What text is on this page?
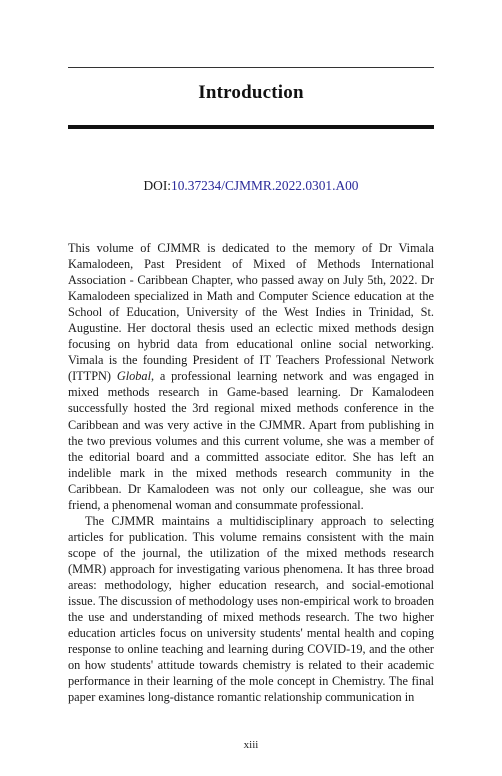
Introduction
DOI:10.37234/CJMMR.2022.0301.A00

This volume of CJMMR is dedicated to the memory of Dr Vimala Kamalodeen, Past President of Mixed of Methods International Association - Caribbean Chapter, who passed away on July 5th, 2022. Dr Kamalodeen specialized in Math and Computer Science education at the School of Education, University of the West Indies in Trinidad, St. Augustine. Her doctoral thesis used an eclectic mixed methods design focusing on hybrid data from educational online social networking. Vimala is the founding President of IT Teachers Professional Network (ITTPN) Global, a professional learning network and was engaged in mixed methods research in Game-based learning. Dr Kamalodeen successfully hosted the 3rd regional mixed methods conference in the Caribbean and was very active in the CJMMR. Apart from publishing in the two previous volumes and this current volume, she was a member of the editorial board and a committed associate editor. She has left an indelible mark in the mixed methods research community in the Caribbean. Dr Kamalodeen was not only our colleague, she was our friend, a phenomenal woman and consummate professional.

The CJMMR maintains a multidisciplinary approach to selecting articles for publication. This volume remains consistent with the main scope of the journal, the utilization of the mixed methods research (MMR) approach for investigating various phenomena. It has three broad areas: methodology, higher education research, and social-emotional issue. The discussion of methodology uses non-empirical work to broaden the use and understanding of mixed methods research. The two higher education articles focus on university students' mental health and coping response to online teaching and learning during COVID-19, and the other on how students' attitude towards chemistry is related to their academic performance in their learning of the mole concept in Chemistry. The final paper examines long-distance romantic relationship communication in

xiii
